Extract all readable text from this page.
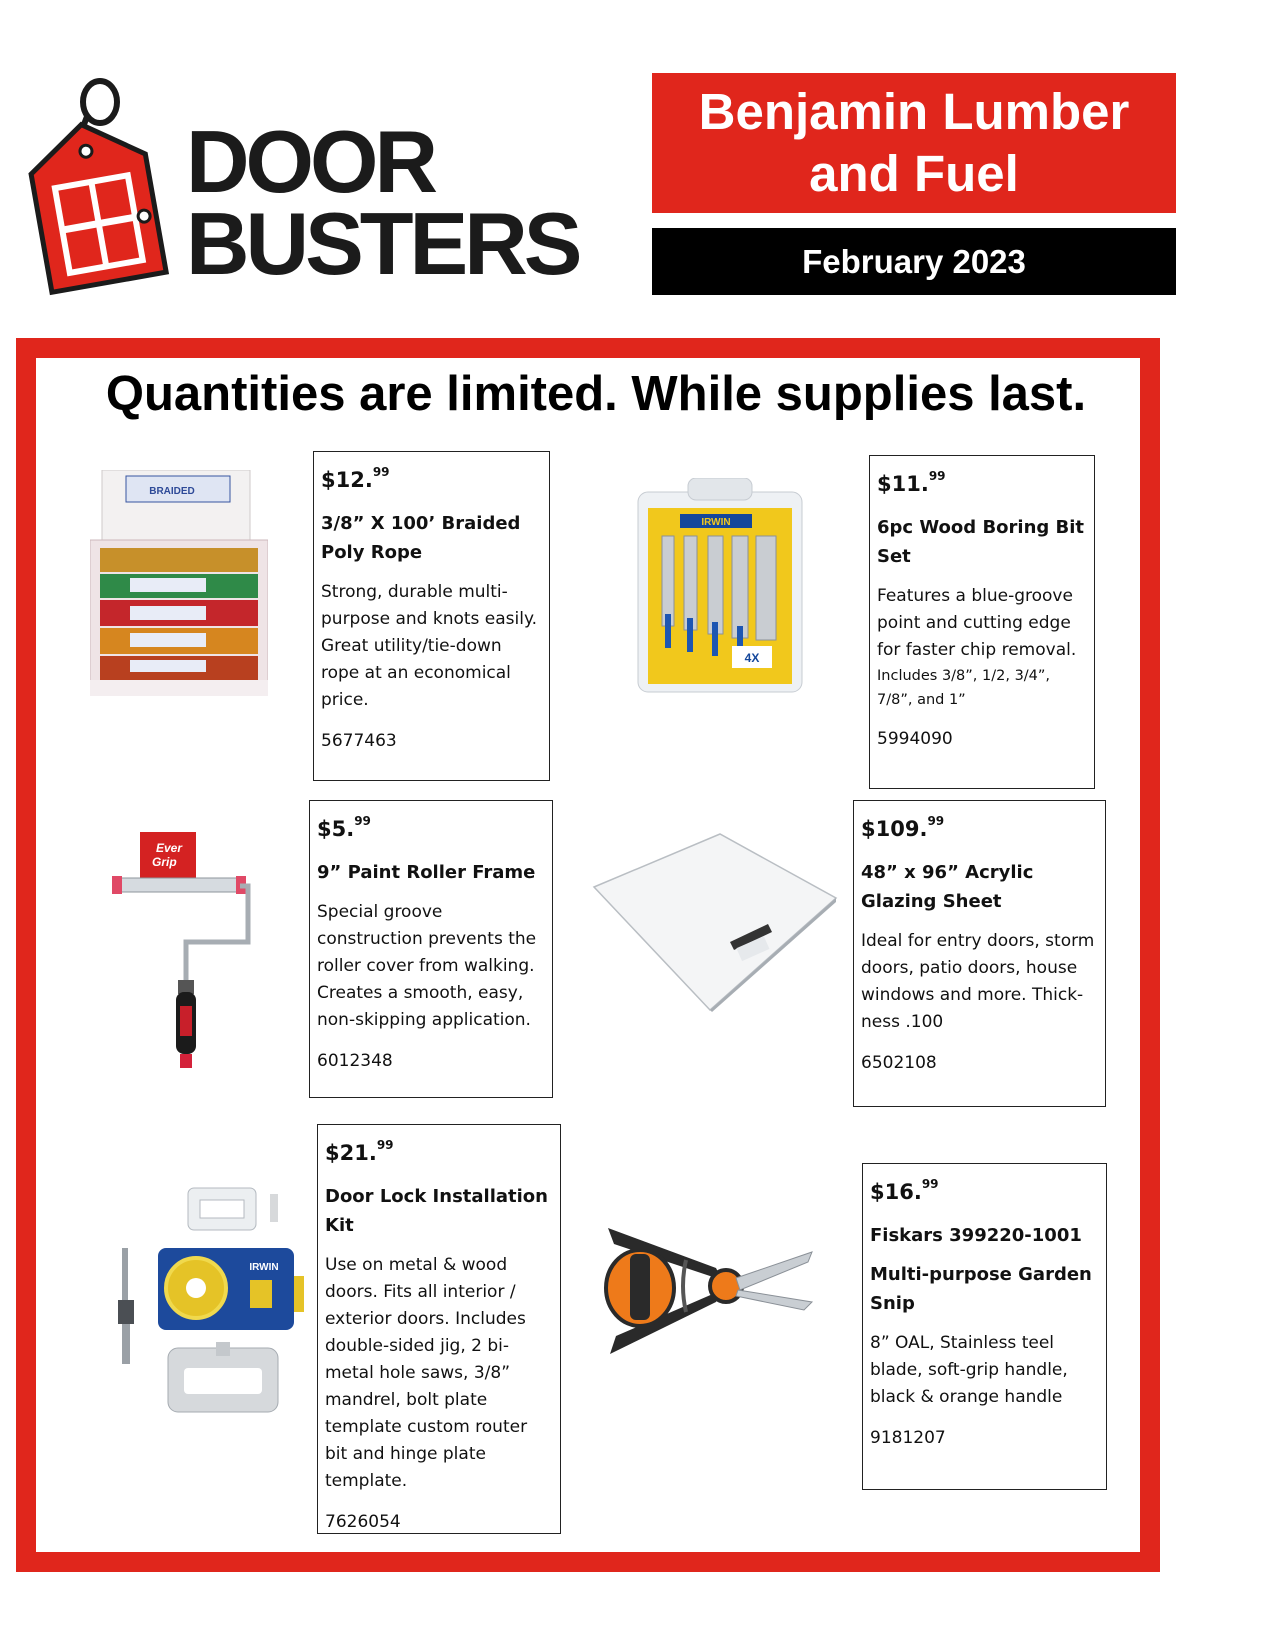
DOOR
BUSTERS
Benjamin Lumber and Fuel
February 2023
Quantities are limited. While supplies last.
BRAIDED	$12.99
3/8” X 100’ Braided Poly Rope
Strong, durable multi-purpose and knots easily. Great utility/tie-down rope at an economical price.
5677463
IRWIN
4X
$11.99
6pc Wood Boring Bit Set
Features a blue-groove point and cutting edge for faster chip removal.
Includes 3/8”, 1/2, 3/4”, 7/8”, and 1”
5994090
Ever
Grip
$5.99
9” Paint Roller Frame
Special groove construction prevents the roller cover from walking. Creates a smooth, easy, non-skipping application.
6012348
$109.99
48” x 96” Acrylic Glazing Sheet
Ideal for entry doors, storm doors, patio doors, house windows and more. Thick-ness .100
6502108
IRWIN
$21.99
Door Lock Installation Kit
Use on metal & wood doors. Fits all interior / exterior doors. Includes double-sided jig, 2 bi-metal hole saws, 3/8” mandrel, bolt plate template custom router bit and hinge plate template.
7626054
$16.99
Fiskars 399220-1001
Multi-purpose Garden Snip
8” OAL, Stainless teel blade, soft-grip handle, black & orange handle
9181207
